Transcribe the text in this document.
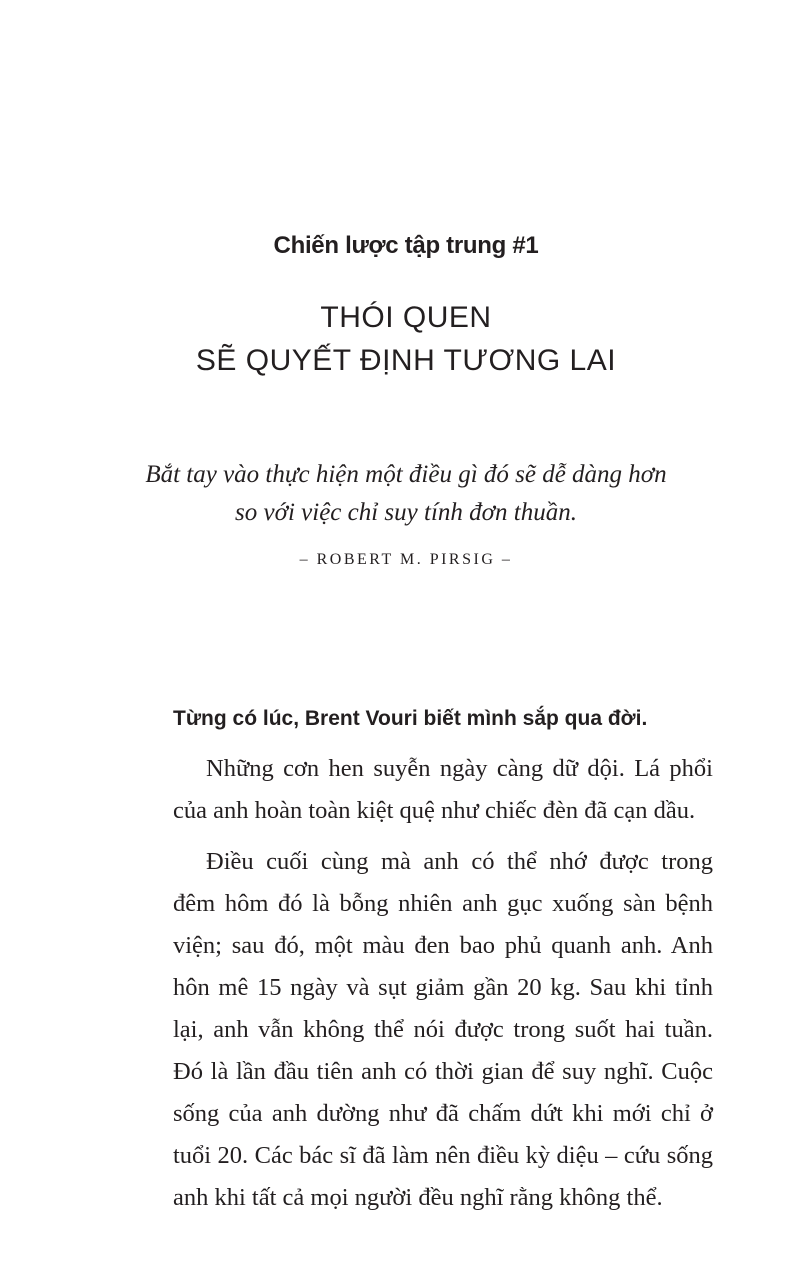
Chiến lược tập trung #1
THÓI QUEN
SẼ QUYẾT ĐỊNH TƯƠNG LAI
Bắt tay vào thực hiện một điều gì đó sẽ dễ dàng hơn
so với việc chỉ suy tính đơn thuần.
– ROBERT M. PIRSIG –
Từng có lúc, Brent Vouri biết mình sắp qua đời.
Những cơn hen suyễn ngày càng dữ dội. Lá phổi
của anh hoàn toàn kiệt quệ như chiếc đèn đã cạn dầu.
Điều cuối cùng mà anh có thể nhớ được trong
đêm hôm đó là bỗng nhiên anh gục xuống sàn bệnh
viện; sau đó, một màu đen bao phủ quanh anh. Anh
hôn mê 15 ngày và sụt giảm gần 20 kg. Sau khi tỉnh
lại, anh vẫn không thể nói được trong suốt hai tuần.
Đó là lần đầu tiên anh có thời gian để suy nghĩ. Cuộc
sống của anh dường như đã chấm dứt khi mới chỉ ở
tuổi 20. Các bác sĩ đã làm nên điều kỳ diệu – cứu sống
anh khi tất cả mọi người đều nghĩ rằng không thể.
